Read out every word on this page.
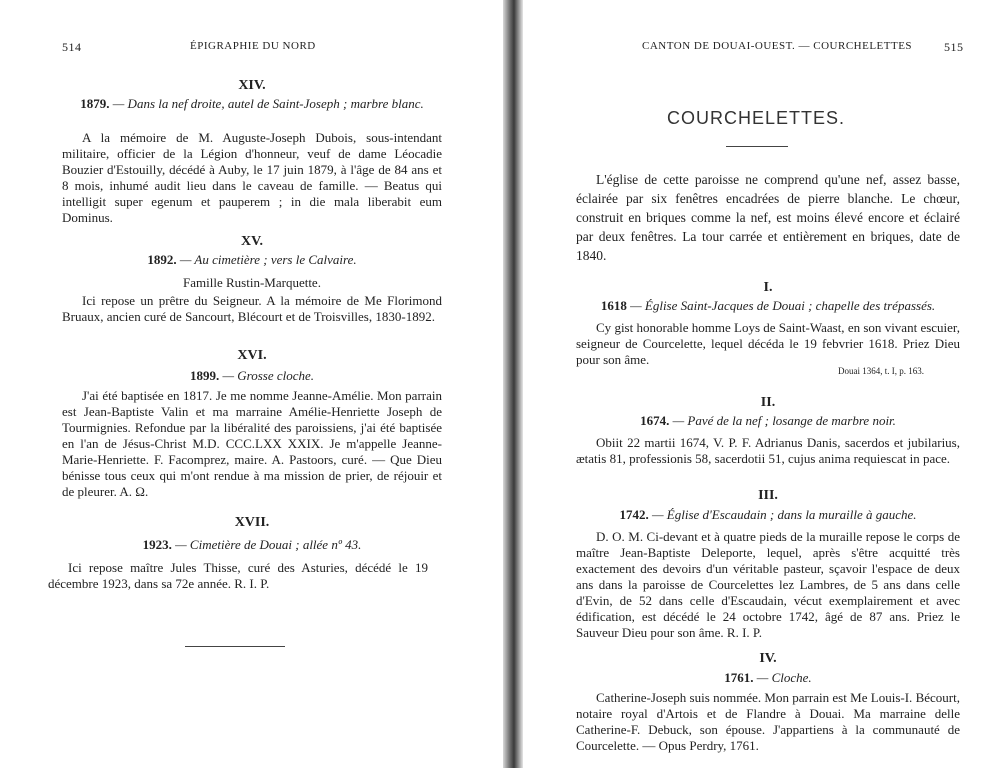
514	ÉPIGRAPHIE DU NORD
XIV.
1879. — Dans la nef droite, autel de Saint-Joseph ; marbre blanc.

A la mémoire de M. Auguste-Joseph Dubois, sous-intendant militaire, officier de la Légion d'honneur, veuf de dame Léocadie Bouzier d'Estouilly, décédé à Auby, le 17 juin 1879, à l'âge de 84 ans et 8 mois, inhumé audit lieu dans le caveau de famille. — Beatus qui intelligit super egenum et pauperem ; in die mala liberabit eum Dominus.

XV.
1892. — Au cimetière ; vers le Calvaire.
Famille Rustin-Marquette.

Ici repose un prêtre du Seigneur. A la mémoire de Me Florimond Bruaux, ancien curé de Sancourt, Blécourt et de Troisvilles, 1830-1892.

XVI.
1899. — Grosse cloche.

J'ai été baptisée en 1817. Je me nomme Jeanne-Amélie. Mon parrain est Jean-Baptiste Valin et ma marraine Amélie-Henriette Joseph de Tourmignies. Refondue par la libéralité des paroissiens, j'ai été baptisée en l'an de Jésus-Christ M.D. CCC.LXX XXIX. Je m'appelle Jeanne-Marie-Henriette. F. Facomprez, maire. A. Pastoors, curé. — Que Dieu bénisse tous ceux qui m'ont rendue à ma mission de prier, de réjouir et de pleurer. A. Ω.

XVII.
1923. — Cimetière de Douai ; allée nº 43.

Ici repose maître Jules Thisse, curé des Asturies, décédé le 19 décembre 1923, dans sa 72e année. R. I. P.

CANTON DE DOUAI-OUEST. — COURCHELETTES	515
COURCHELETTES.

L'église de cette paroisse ne comprend qu'une nef, assez basse, éclairée par six fenêtres encadrées de pierre blanche. Le chœur, construit en briques comme la nef, est moins élevé encore et éclairé par deux fenêtres. La tour carrée et entièrement en briques, date de 1840.

I.
1618 — Église Saint-Jacques de Douai ; chapelle des trépassés.

Cy gist honorable homme Loys de Saint-Waast, en son vivant escuier, seigneur de Courcelette, lequel décéda le 19 febvrier 1618. Priez Dieu pour son âme.

Douai 1364, t. I, p. 163.
II.
1674. — Pavé de la nef ; losange de marbre noir.

Obiit 22 martii 1674, V. P. F. Adrianus Danis, sacerdos et jubilarius, ætatis 81, professionis 58, sacerdotii 51, cujus anima requiescat in pace.

III.
1742. — Église d'Escaudain ; dans la muraille à gauche.

D. O. M. Ci-devant et à quatre pieds de la muraille repose le corps de maître Jean-Baptiste Deleporte, lequel, après s'être acquitté très exactement des devoirs d'un véritable pasteur, sçavoir l'espace de deux ans dans la paroisse de Courcelettes lez Lambres, de 5 ans dans celle d'Evin, de 52 dans celle d'Escaudain, vécut exemplairement et avec édification, est décédé le 24 octobre 1742, âgé de 87 ans. Priez le Sauveur Dieu pour son âme. R. I. P.

IV.
1761. — Cloche.

Catherine-Joseph suis nommée. Mon parrain est Me Louis-I. Bécourt, notaire royal d'Artois et de Flandre à Douai. Ma marraine delle Catherine-F. Debuck, son épouse. J'appartiens à la communauté de Courcelette. — Opus Perdry, 1761.
